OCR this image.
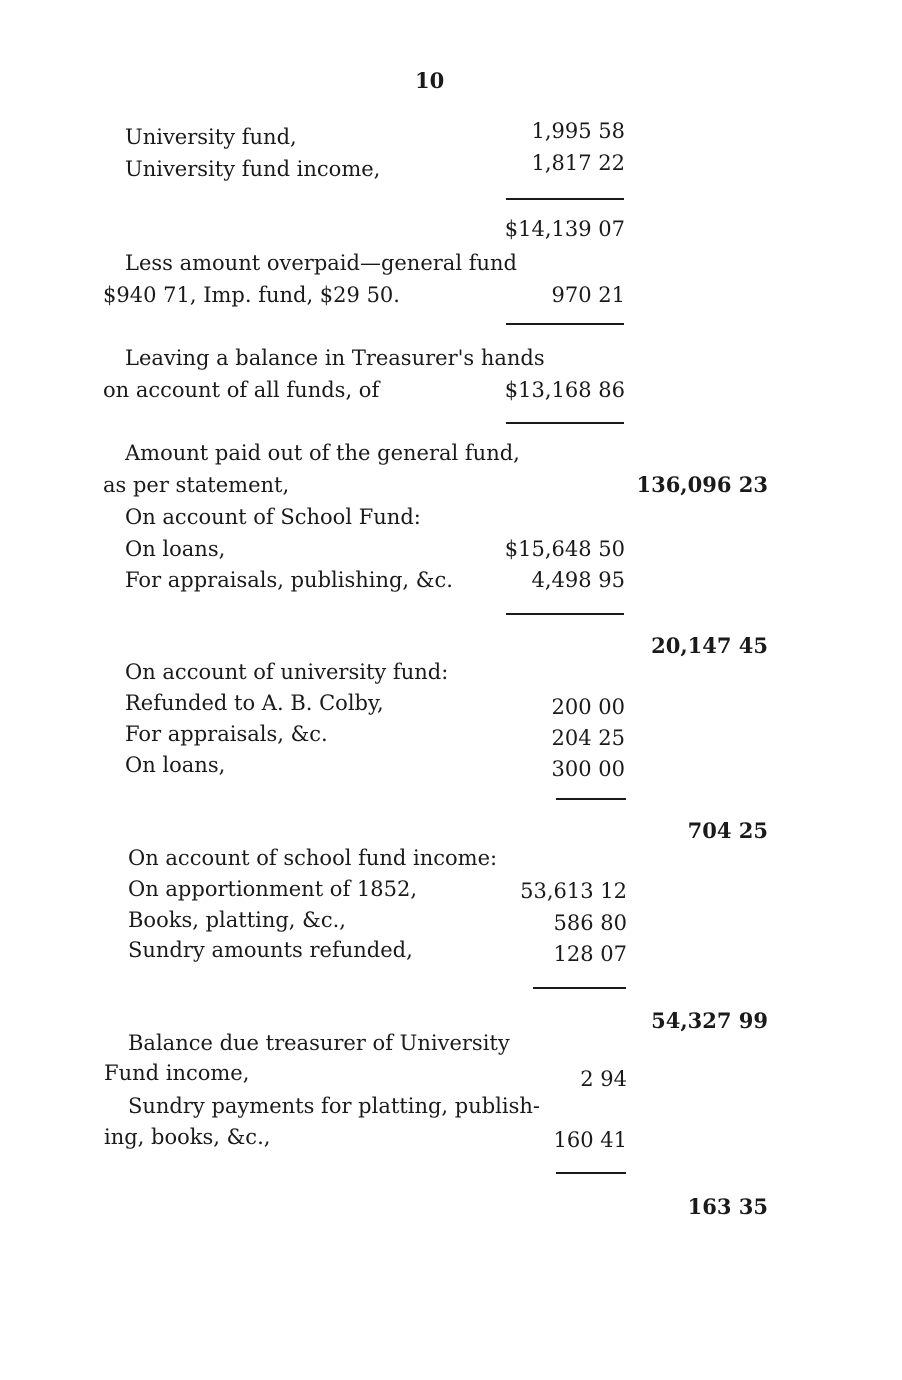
10
University fund,	1,995 58
University fund income,	1,817 22
$14,139 07
Less amount overpaid—general fund
$940 71, Imp. fund, $29 50.	970 21
Leaving a balance in Treasurer's hands
on account of all funds, of	$13,168 86
Amount paid out of the general fund,
as per statement,	136,096 23
On account of School Fund:
On loans,	$15,648 50
For appraisals, publishing, &c.	4,498 95
20,147 45
On account of university fund:
Refunded to A. B. Colby,	200 00
For appraisals, &c.	204 25
On loans,	300 00
704 25
On account of school fund income:
On apportionment of 1852,	53,613 12
Books, platting, &c.,	586 80
Sundry amounts refunded,	128 07
54,327 99
Balance due treasurer of University
Fund income,	2 94
Sundry payments for platting, publish-
ing, books, &c.,	160 41
163 35
